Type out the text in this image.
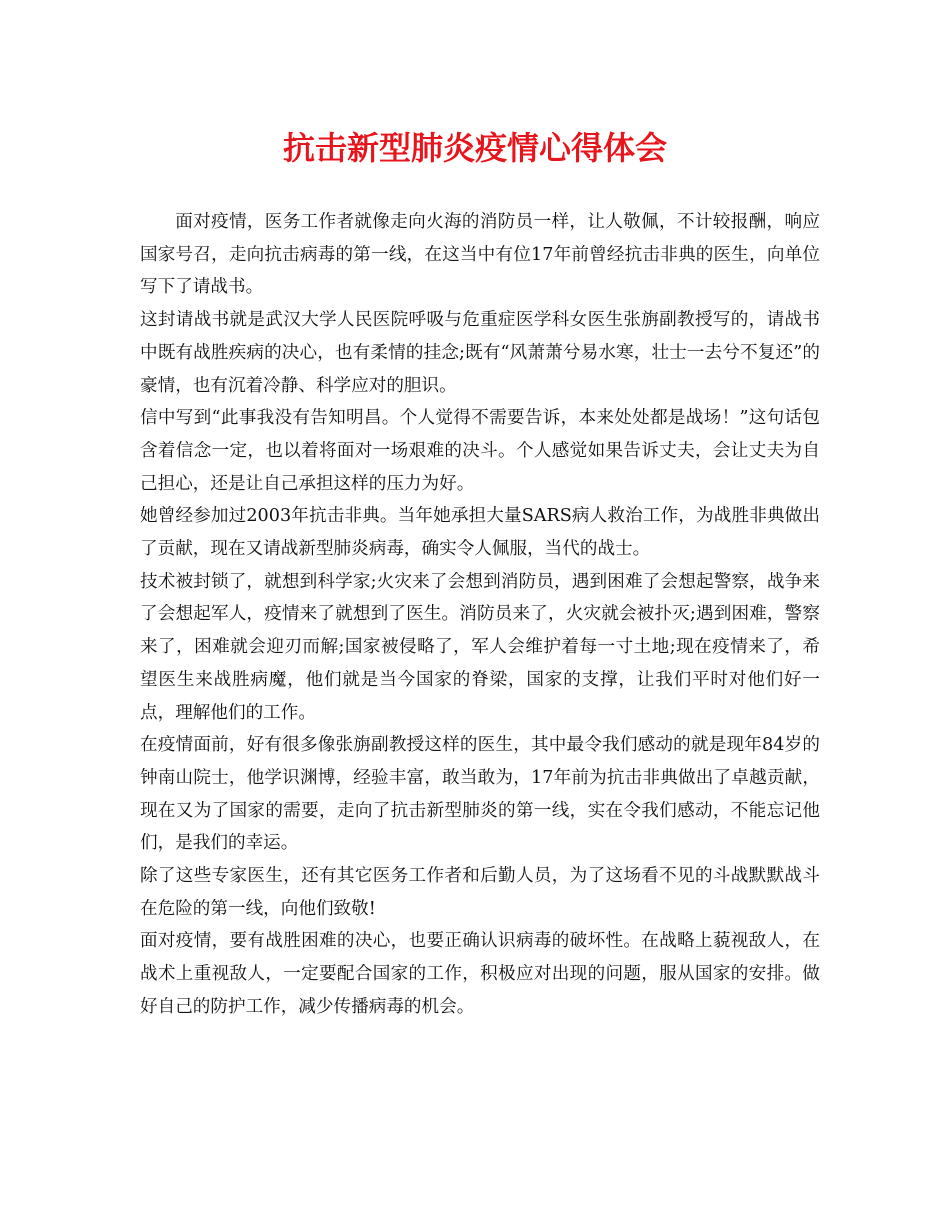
抗击新型肺炎疫情心得体会

面对疫情，医务工作者就像走向火海的消防员一样，让人敬佩，不计较报酬，响应国家号召，走向抗击病毒的第一线，在这当中有位17年前曾经抗击非典的医生，向单位写下了请战书。

这封请战书就是武汉大学人民医院呼吸与危重症医学科女医生张旃副教授写的，请战书中既有战胜疾病的决心，也有柔情的挂念;既有“风萧萧兮易水寒，壮士一去兮不复还”的豪情，也有沉着冷静、科学应对的胆识。

信中写到“此事我没有告知明昌。个人觉得不需要告诉，本来处处都是战场！”这句话包含着信念一定，也以着将面对一场艰难的决斗。个人感觉如果告诉丈夫，会让丈夫为自己担心，还是让自己承担这样的压力为好。

她曾经参加过2003年抗击非典。当年她承担大量SARS病人救治工作，为战胜非典做出了贡献，现在又请战新型肺炎病毒，确实令人佩服，当代的战士。

技术被封锁了，就想到科学家;火灾来了会想到消防员，遇到困难了会想起警察，战争来了会想起军人，疫情来了就想到了医生。消防员来了，火灾就会被扑灭;遇到困难，警察来了，困难就会迎刃而解;国家被侵略了，军人会维护着每一寸土地;现在疫情来了，希望医生来战胜病魔，他们就是当今国家的脊梁，国家的支撑，让我们平时对他们好一点，理解他们的工作。

在疫情面前，好有很多像张旃副教授这样的医生，其中最令我们感动的就是现年84岁的钟南山院士，他学识渊博，经验丰富，敢当敢为，17年前为抗击非典做出了卓越贡献，现在又为了国家的需要，走向了抗击新型肺炎的第一线，实在令我们感动，不能忘记他们，是我们的幸运。

除了这些专家医生，还有其它医务工作者和后勤人员，为了这场看不见的斗战默默战斗在危险的第一线，向他们致敬!

面对疫情，要有战胜困难的决心，也要正确认识病毒的破坏性。在战略上藐视敌人，在战术上重视敌人，一定要配合国家的工作，积极应对出现的问题，服从国家的安排。做好自己的防护工作，减少传播病毒的机会。
